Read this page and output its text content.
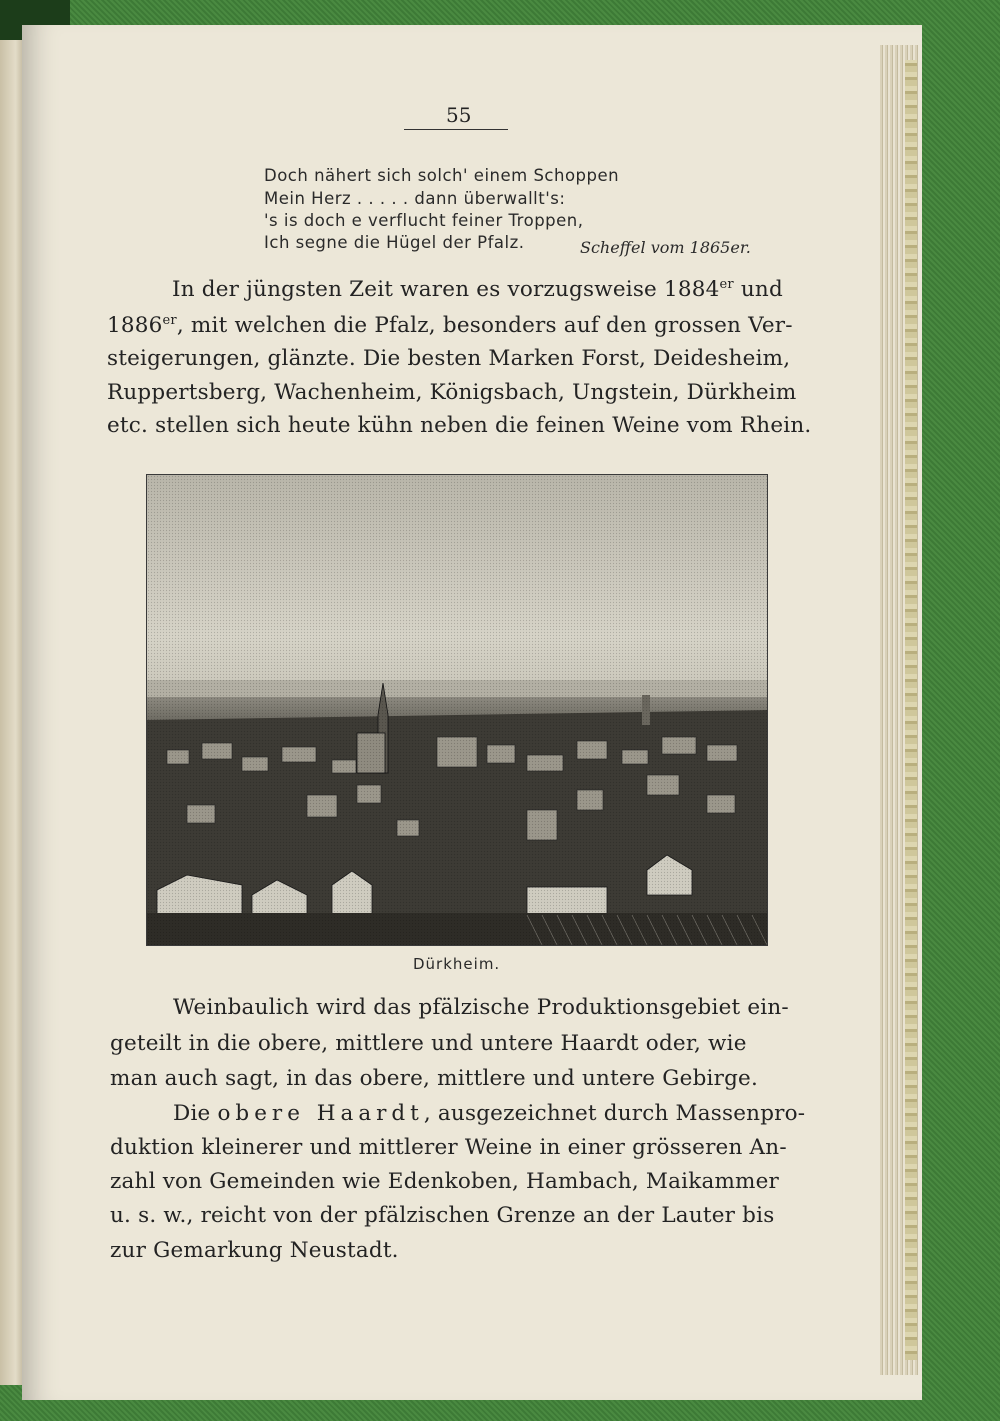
55
Doch nähert sich solch' einem Schoppen
Mein Herz . . . . . dann überwallt's:
's is doch e verflucht feiner Troppen,
Ich segne die Hügel der Pfalz.	Scheffel vom 1865er.
In der jüngsten Zeit waren es vorzugsweise 1884er und
1886er, mit welchen die Pfalz, besonders auf den grossen Ver-
steigerungen, glänzte. Die besten Marken Forst, Deidesheim,
Ruppertsberg, Wachenheim, Königsbach, Ungstein, Dürkheim
etc. stellen sich heute kühn neben die feinen Weine vom Rhein.
Dürkheim.
Weinbaulich wird das pfälzische Produktionsgebiet ein-
geteilt in die obere, mittlere und untere Haardt oder, wie
man auch sagt, in das obere, mittlere und untere Gebirge.
Die obere Haardt, ausgezeichnet durch Massenpro-
duktion kleinerer und mittlerer Weine in einer grösseren An-
zahl von Gemeinden wie Edenkoben, Hambach, Maikammer
u. s. w., reicht von der pfälzischen Grenze an der Lauter bis
zur Gemarkung Neustadt.
